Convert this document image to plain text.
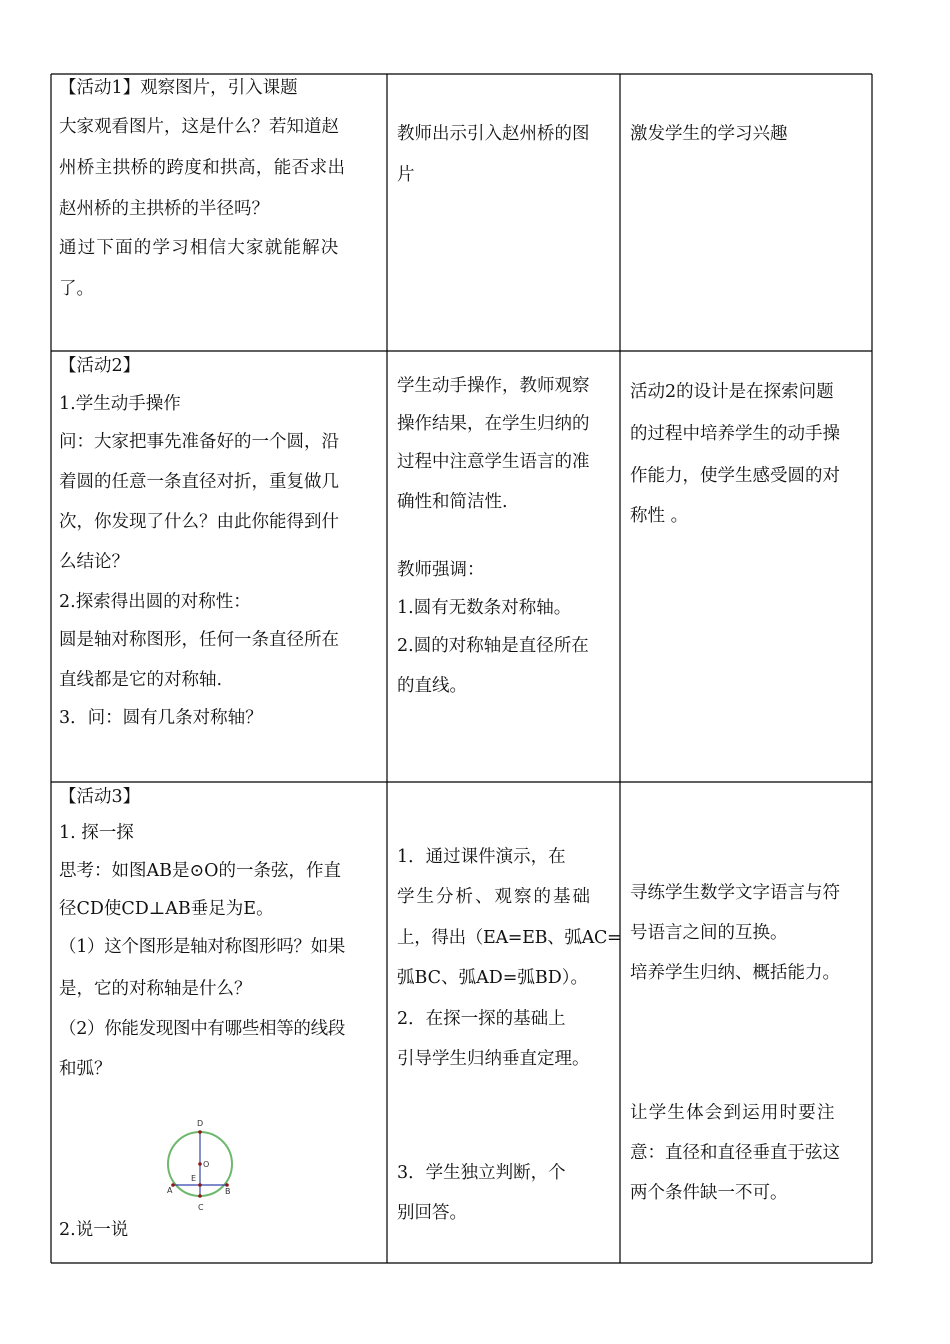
【活动1】观察图片，引入课题
大家观看图片，这是什么？若知道赵
州桥主拱桥的跨度和拱高，能否求出
赵州桥的主拱桥的半径吗？
通过下面的学习相信大家就能解决
了。
教师出示引入赵州桥的图
片
激发学生的学习兴趣
【活动2】
1.学生动手操作
问：大家把事先准备好的一个圆，沿
着圆的任意一条直径对折，重复做几
次，你发现了什么？由此你能得到什
么结论？
2.探索得出圆的对称性：
圆是轴对称图形，任何一条直径所在
直线都是它的对称轴.
3．问：圆有几条对称轴？
学生动手操作，教师观察
操作结果，在学生归纳的
过程中注意学生语言的准
确性和简洁性.
教师强调：
1.圆有无数条对称轴。
2.圆的对称轴是直径所在
的直线。
活动2的设计是在探索问题
的过程中培养学生的动手操
作能力，使学生感受圆的对
称性 。
【活动3】
1. 探一探
思考：如图AB是⊙O的一条弦，作直
径CD使CD⊥AB垂足为E。
（1）这个图形是轴对称图形吗？如果
是，它的对称轴是什么？
（2）你能发现图中有哪些相等的线段
和弧？
2.说一说
D
C
A	B
O
E
1．通过课件演示，在
学生分析、观察的基础
上，得出（EA=EB、弧AC=
弧BC、弧AD=弧BD）。
2．在探一探的基础上
引导学生归纳垂直定理。
3．学生独立判断，个
别回答。
寻练学生数学文字语言与符
号语言之间的互换。
培养学生归纳、概括能力。
让学生体会到运用时要注
意：直径和直径垂直于弦这
两个条件缺一不可。
